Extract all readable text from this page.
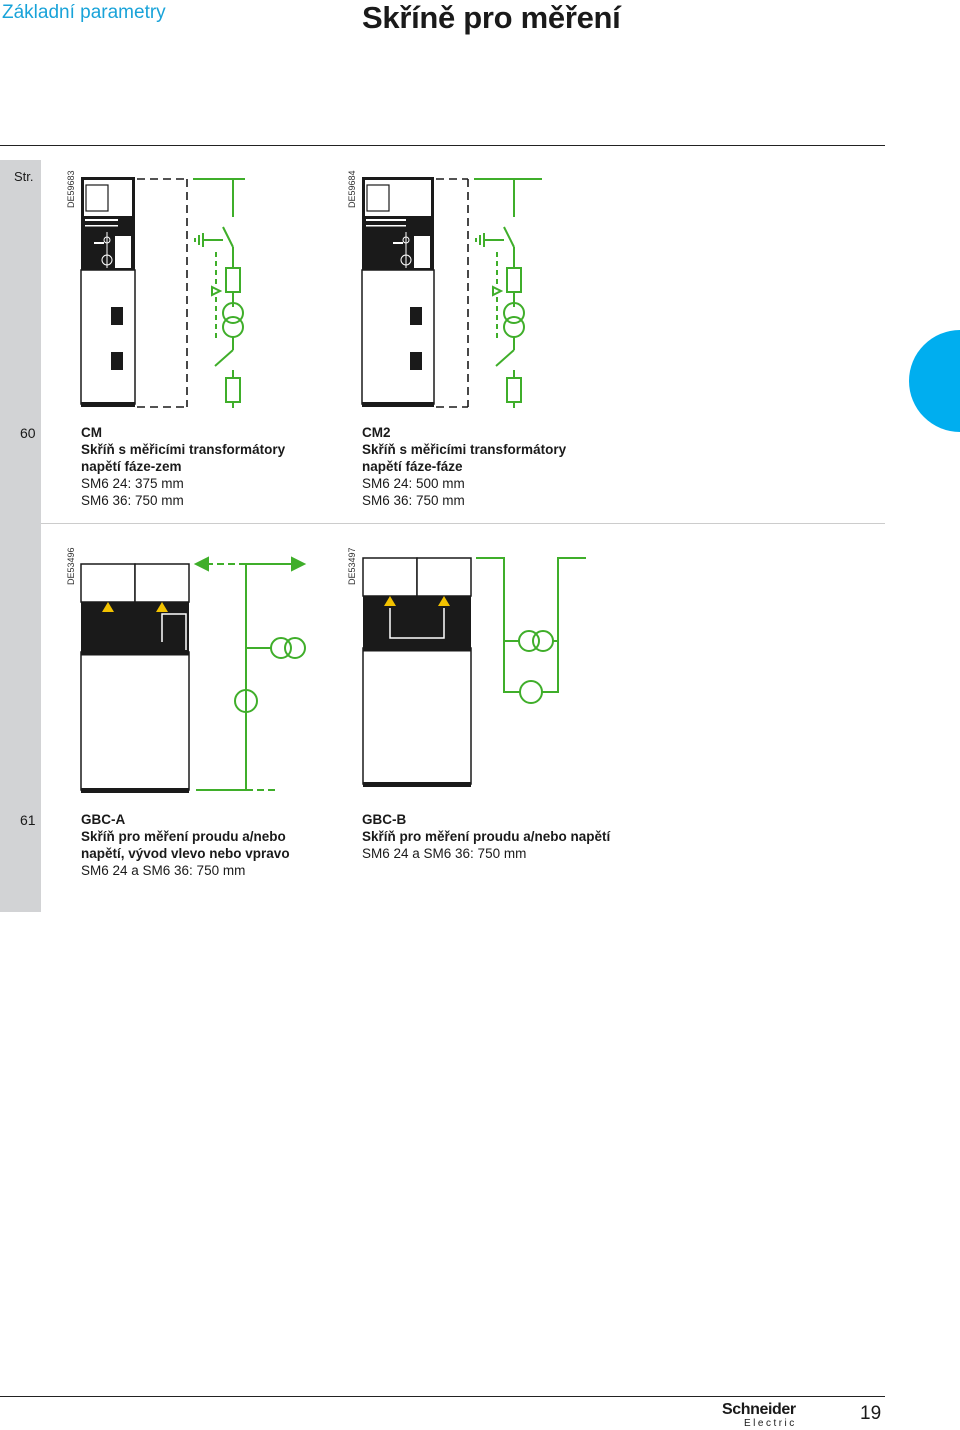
Základní parametry	Skříně pro měření
Str.
60
DE59683	DE59684
CM
Skříň s měřicími transformátory
napětí fáze-zem
SM6 24: 375 mm
SM6 36: 750 mm
CM2
Skříň s měřicími transformátory
napětí fáze-fáze
SM6 24: 500 mm
SM6 36: 750 mm
61
DE53496	DE53497
GBC-A
Skříň pro měření proudu a/nebo
napětí, vývod vlevo nebo vpravo
SM6 24 a SM6 36: 750 mm
GBC-B
Skříň pro měření proudu a/nebo napětí
SM6 24 a SM6 36: 750 mm
Schneider
Electric	19
